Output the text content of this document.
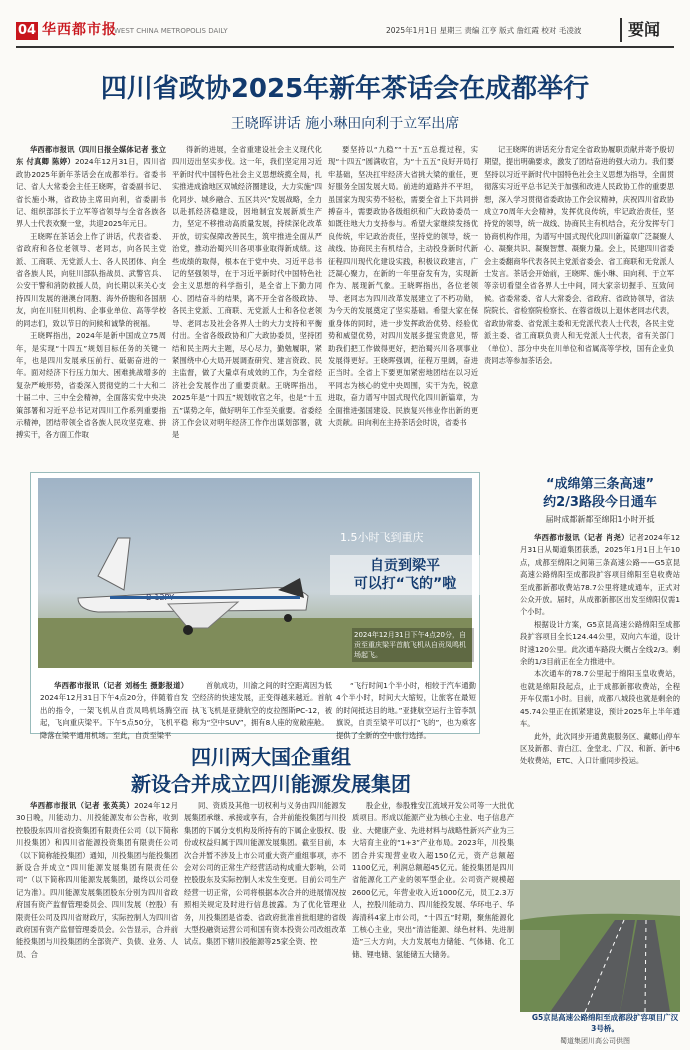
04 华西都市报
WEST CHINA METROPOLIS DAILY	2025年1月1日 星期三 责编 江亨 版式 詹红霞 校对 毛凌波	要闻
四川省政协2025年新年茶话会在成都举行
王晓晖讲话 施小琳田向利于立军出席

华西都市报讯（四川日报全媒体记者 张立东 付真卿 陈婷）2024年12月31日，四川省政协2025年新年茶话会在成都举行。省委书记、省人大常委会主任王晓晖，省委副书记、省长施小琳，省政协主席田向利，省委副书记、组织部部长于立军等省领导与全省各族各界人士代表欢聚一堂，共迎2025年元日。

王晓晖在茶话会上作了讲话，代表省委、省政府和各位老领导、老同志，向各民主党派、工商联、无党派人士、各人民团体、向全省各族人民，向驻川部队指战员、武警官兵、公安干警和消防救援人员，向长期以来关心支持四川发展的港澳台同胞、海外侨胞和各国朋友，向在川驻川机构、企事业单位、高等学校的同志们，致以节日的问候和诚挚的祝福。

王晓晖指出，2024年是新中国成立75周年，是实现“十四五”规划目标任务的关键一年，也是四川发展承压前行、砥砺奋进的一年。面对经济下行压力加大、困难挑战增多的复杂严峻形势，省委深入贯彻党的二十大和二十届二中、三中全会精神，全面落实党中央决策部署和习近平总书记对四川工作系列重要指示精神，团结带领全省各族人民攻坚克难、拼搏实干，各方面工作取

得新的进展，全省重建设社会主义现代化四川迈出坚实步伐。这一年，我们坚定用习近平新时代中国特色社会主义思想统揽全局，扎实推进成渝地区双城经济圈建设，大力实施“四化同步、城乡融合、五区共兴”发展战略，全力以赴抓经济稳建设，因地制宜发展新质生产力，坚定不移推动高质量发展，持续深化改革开放，切实保障改善民生，筑牢推进全面从严治党，推动治蜀兴川各项事业取得新成绩。这些成绩的取得，根本在于党中央、习近平总书记的坚强领导，在于习近平新时代中国特色社会主义思想的科学指引，是全省上下勤力同心、团结奋斗的结果，离不开全省各级政协、各民主党派、工商联、无党派人士和各位老领导、老同志及社会各界人士的大力支持和平衡付出。全省各级政协和广大政协委员，坚持团结和民主两大主题，尽心尽力，勤勉履职，紧紧围绕中心大局开展调查研究、建言资政、民主监督，做了大量卓有成效的工作，为全省经济社会发展作出了重要贡献。王晓晖指出，2025年是“十四五”规划收官之年，也是“十五五”谋势之年，做好明年工作至关重要。省委经济工作会议对明年经济工作作出谋划部署，就是

要坚持以“九稳”“十五”五总揽过程，实现“十四五”圆满收官，为“十五五”良好开局打牢基础，坚决扛牢经济大省挑大梁的重任，更好服务全国发展大局。前进的道路并不平坦，虽国家为现实势不轻松，需要全省上下共同拼搏奋斗，需要政协各级组织和广大政协委员一如既往地大力支持参与。希望大家继续发扬优良传统，牢记政治责任，坚持党的领导，统一战线、协商民主有机结合，主动投身新时代新征程四川现代化建设实践，积极议政建言，广泛凝心聚力，在新的一年里奋发有为，实现新作为、展现新气象。王晓晖指出，各位老领导、老同志为四川改革发展建立了不朽功勋，为今天的发展奠定了坚实基础。希望大家在保重身体的同时，进一步发挥政治优势、经验优势和威望优势，对四川发展多提宝贵意见，帮助我们把工作做得更好，把治蜀兴川各项事业发展得更好。王晓晖强调，征程万里阔，奋进正当时。全省上下要更加紧密地团结在以习近平同志为核心的党中央周围，实干为先，锐意进取，奋力谱写中国式现代化四川新篇章，为全面推进强国建设、民族复兴伟业作出新的更大贡献。田向利在主持茶话会时说，省委书

记王晓晖的讲话充分肯定全省政协履职贡献并寄予殷切期望，提出明确要求，激发了团结奋进的强大动力。我们要坚持以习近平新时代中国特色社会主义思想为指导，全面贯彻落实习近平总书记关于加强和改进人民政协工作的重要思想，深入学习贯彻省委政协工作会议精神，庆祝四川省政协成立70周年大会精神，发挥优良传统，牢记政治责任，坚持党的领导，统一战线、协商民主有机结合，充分发挥专门协商机构作用，为谱写中国式现代化四川新篇章广泛凝聚人心、凝聚共识、凝聚智慧、凝聚力量。会上，民建四川省委会主委翻商华代表各民主党派省委会、省工商联和无党派人士发言。茶话会开始前，王晓晖、施小琳、田向利、于立军等亲切看望全省各界人士中间，同大家亲切握手、互致问候。省委常委、省人大常委会、省政府、省政协领导，省法院院长、省检察院检察长、在蓉省级以上退休老同志代表，省政协常委、省党派主委和无党派代表人士代表，各民主党派主委、省工商联负责人和无党派人士代表，省有关部门（单位）、部分中央在川单位和省属高等学校，国有企业负责同志等参加茶话会。

1.5小时飞到重庆
自贡到梁平
可以打“飞的”啦
2024年12月31日下午4点20分，自贡至重庆梁平首航飞机从自贡凤鸣机场起飞。

华西都市报讯（记者 刘杨生 摄影报道）2024年12月31日下午4点20分，伴随着自发出的指令，一架飞机从自贡凤鸣机场腾空而起，飞向重庆梁平。下午5点50分，飞机平稳降落在梁平通用机场。至此，自贡至梁平

首航成功，川渝之间的时空距离因为低空经济的快速发展，正变得越来越近。首航执飞飞机是亚捷航空的皮拉图斯PC-12，被称为“空中SUV”，拥有8人座的宽敞座舱。

“飞行时间1个半小时，相较于汽车通勤4个半小时，时间大大缩短，让旅客在最短的时间抵达目的地。”亚捷航空运行主管李凯旗说，自贡至梁平可以打“飞的”，也为乘客提供了全新的空中旅行选择。

“成绵第三条高速”
约2/3路段今日通车
届时成都新都至绵阳1小时开抵

华西都市报讯（记者 肖尧）记者2024年12月31日从蜀道集团获悉，2025年1月1日上午10点，成都至绵阳之间第三条高速公路——G5京昆高速公路绵阳至成都段扩容项目绵阳至皂收费站至成都新都收费站78.7公里将建成通车，正式对公众开放。届时，从成都新都区出发至绵阳仅需1个小时。

根据设计方案，G5京昆高速公路绵阳至成都段扩容项目全长124.44公里，双向六车道，设计时速120公里。此次通车路段大概占全线2/3。剩余的1/3目前正在全力推进中。

本次通车的78.7公里起于绵阳玉皇收费站，也就是绵阳段起点，止于成都新都收费站，全程开车仅需1小时。目前，成都八城段也就是剩余的45.74公里正在抓紧建设，预计2025年上半年通车。

此外，此次同步开通黄鹿服务区、藏郷山停车区及新都、青白江、金堂北、广汉、和新、新中6处收费站，ETC、入口计重同步投运。

G5京昆高速公路绵阳至成都段扩容项目广汉3号桥。
蜀道集团川高公司供图
四川两大国企重组
新设合并成立四川能源发展集团

华西都市报讯（记者 张英英）2024年12月30日晚，川能动力、川投能源发布公告称，收到控股股东四川省投资集团有限责任公司（以下简称川投集团）和四川省能源投资集团有限责任公司（以下简称能投集团）通知，川投集团与能投集团新设合并成立“四川能源发展集团有限责任公司”（以下简称四川能源发展集团，最终以公司登记为准）。四川能源发展集团股东分别为四川省政府国有资产监督管理委员会、四川发展（控股）有限责任公司及四川省财政厅，实际控制人为四川省政府国有资产监督管理委员会。公告显示，合并前能投集团与川投集团的全部资产、负债、业务、人员、合

同、资质及其他一切权利与义务由四川能源发展集团承继、承接或享有，合并前能投集团与川投集团的下属分支机构及所持有的下属企业股权、股份或权益归属于四川能源发展集团。截至目前，本次合并暂不涉及上市公司重大资产重组事项，亦不会对公司的正常生产经营活动构成重大影响，公司控股股东及实际控制人未发生变更。目前公司生产经营一切正常，公司将根据本次合并的进展情况按照相关规定及时进行信息披露。为了优化管理业务，川投集团是省委、省政府批准首批组建的省级大型投融资运营公司和国有资本投资公司改组改革试点。集团下辖川投能源等25家全资、控

股企业，参股雅安江流域开发公司等一大批优质项目。形成以能源产业为核心主业、电子信息产业、大健康产业、先进材料与战略性新兴产业为三大培育主业的“1+3”产业布局。2023年，川投集团合并实现营业收入超150亿元，资产总额超1100亿元，利润总额超45亿元。能投集团是四川省能源化工产业的领军型企业。公司资产规模超2600亿元，年营业收入近1000亿元，员工2.3万人，控股川能动力、四川能投发展、华环电子、华海清科4家上市公司，“十四五”时期，聚焦能源化工核心主业，突出“清洁能源、绿色材料、先进制造”三大方向，大力发展电力储能、气体储、化工储、锂电储、氢能储五大储务。
